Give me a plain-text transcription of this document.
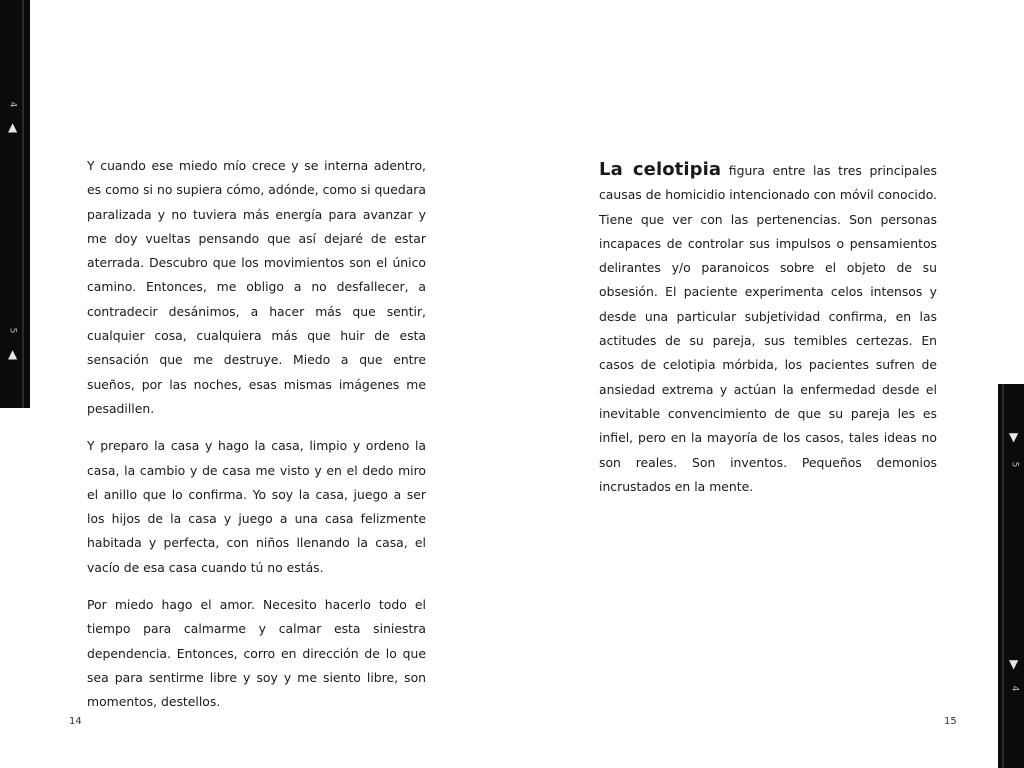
4
▲
5
▲
▼
5
▼
4

Y cuando ese miedo mío crece y se interna adentro, es como si no supiera cómo, adónde, como si quedara paralizada y no tuviera más energía para avanzar y me doy vueltas pensando que así dejaré de estar aterrada. Descubro que los movimientos son el único camino. Entonces, me obligo a no desfallecer, a contradecir desánimos, a hacer más que sentir, cualquier cosa, cualquiera más que huir de esta sensación que me destruye. Miedo a que entre sueños, por las noches, esas mismas imágenes me pesadillen.

Y preparo la casa y hago la casa, limpio y ordeno la casa, la cambio y de casa me visto y en el dedo miro el anillo que lo confirma. Yo soy la casa, juego a ser los hijos de la casa y juego a una casa felizmente habitada y perfecta, con niños llenando la casa, el vacío de esa casa cuando tú no estás.

Por miedo hago el amor. Necesito hacerlo todo el tiempo para calmarme y calmar esta siniestra dependencia. Entonces, corro en dirección de lo que sea para sentirme libre y soy y me siento libre, son momentos, destellos.

La celotipia figura entre las tres principales causas de homicidio intencionado con móvil conocido. Tiene que ver con las pertenencias. Son personas incapaces de controlar sus impulsos o pensamientos delirantes y/o paranoicos sobre el objeto de su obsesión. El paciente experimenta celos intensos y desde una particular subjetividad confirma, en las actitudes de su pareja, sus temibles certezas. En casos de celotipia mórbida, los pacientes sufren de ansiedad extrema y actúan la enfermedad desde el inevitable convencimiento de que su pareja les es infiel, pero en la mayoría de los casos, tales ideas no son reales. Son inventos. Pequeños demonios incrustados en la mente.

14	15
